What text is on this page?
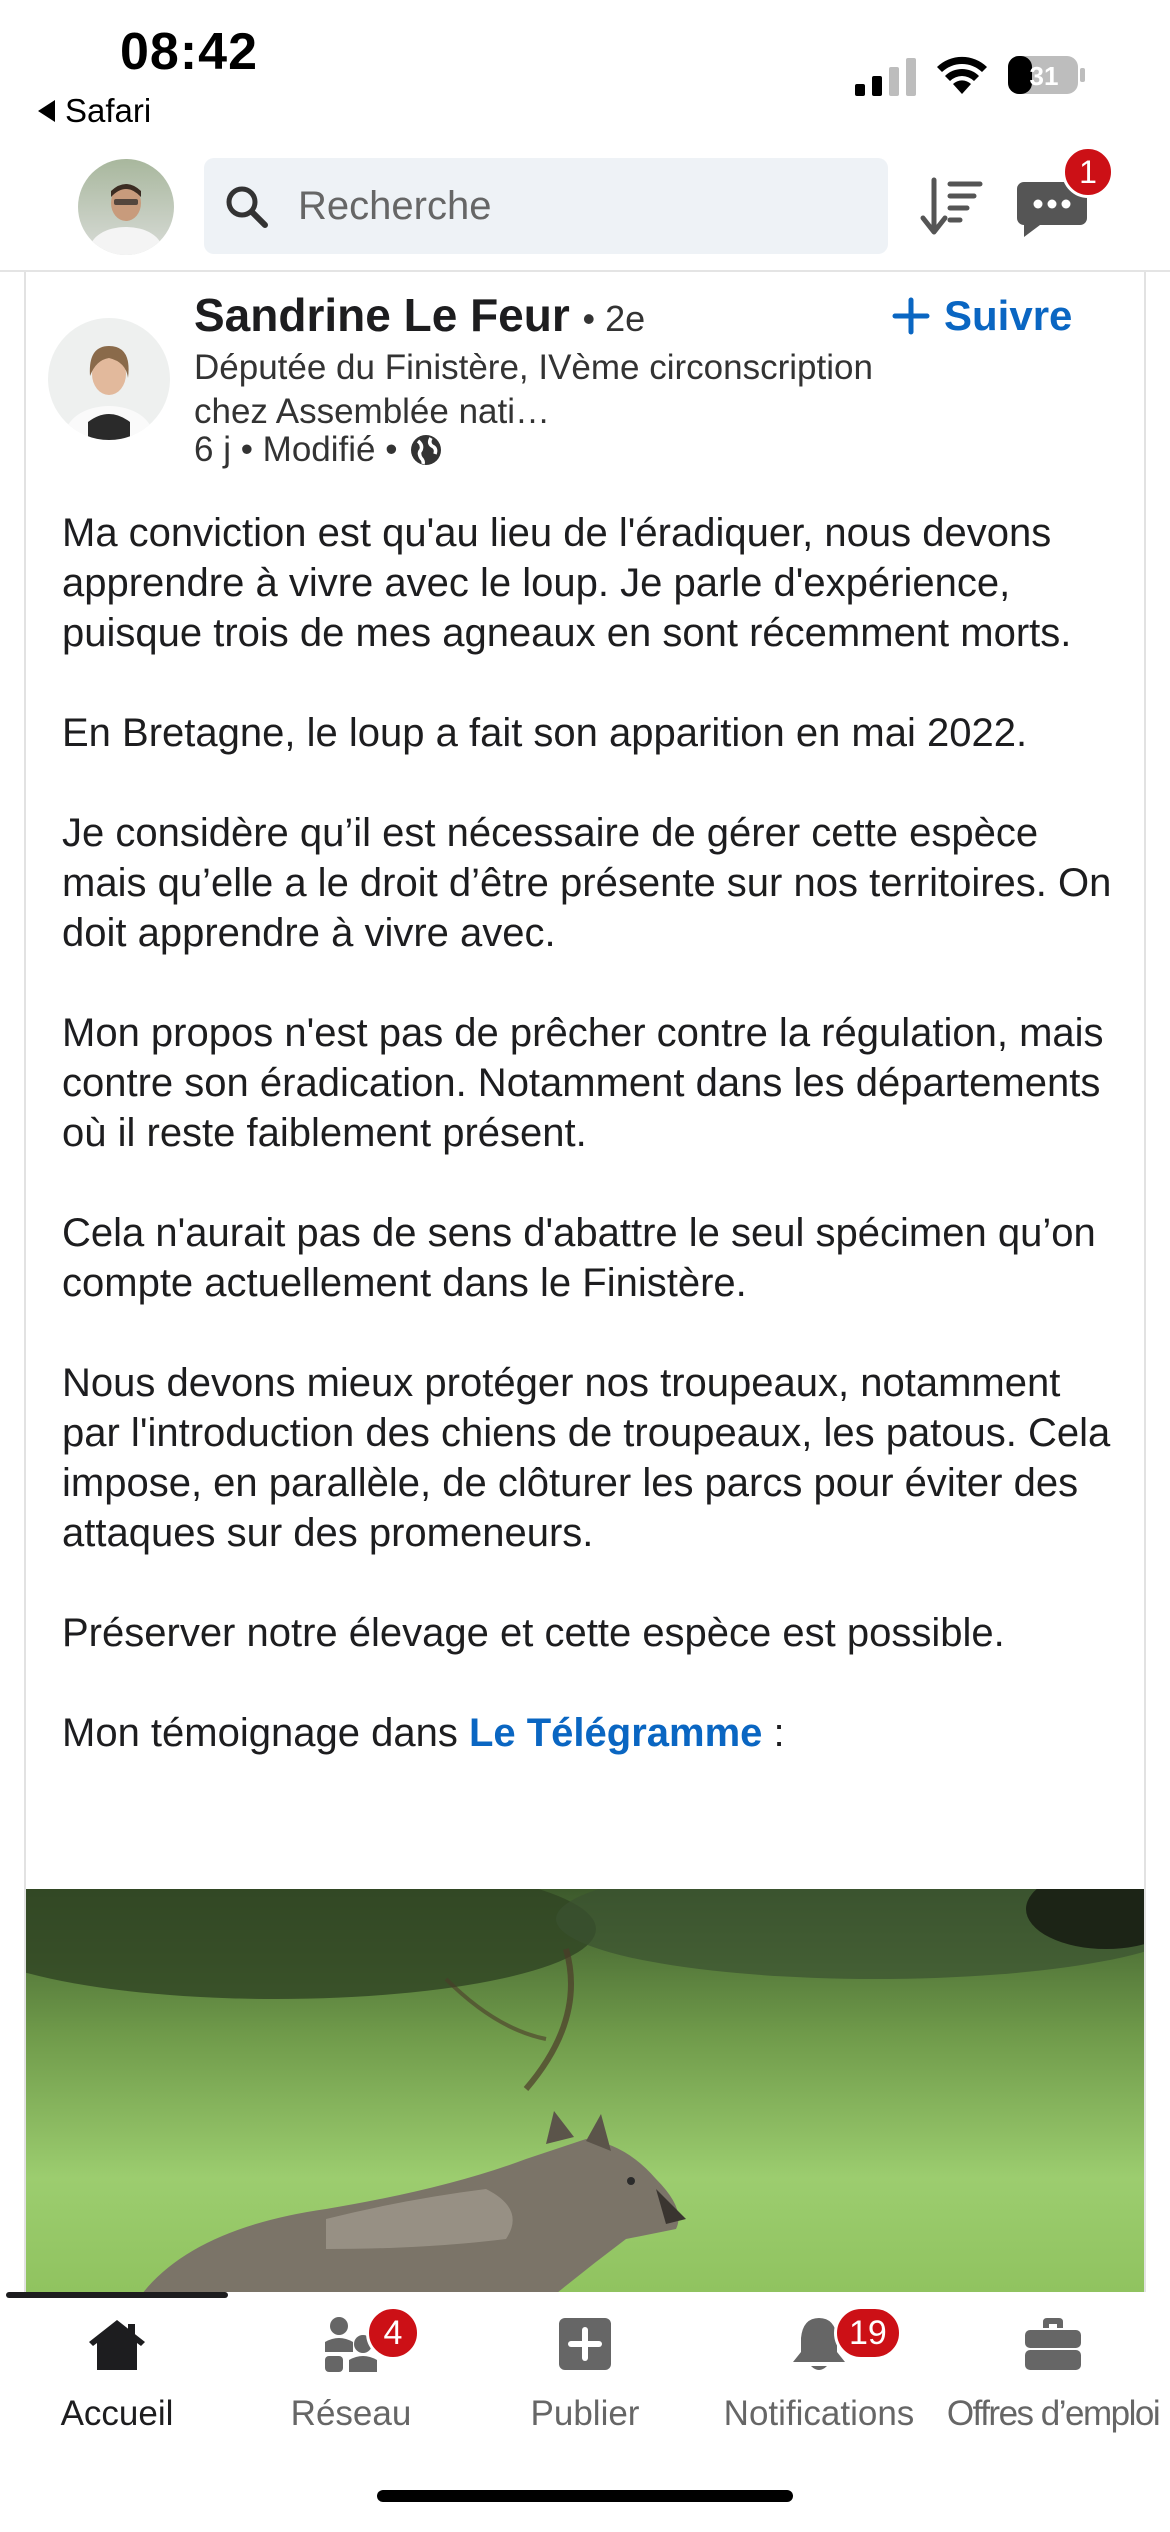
08:42
Safari
31
Recherche
1
Sandrine Le Feur • 2e
Députée du Finistère, IVème circonscription chez Assemblée nati…
6 j • Modifié •
Suivre

Ma conviction est qu'au lieu de l'éradiquer, nous devons apprendre à vivre avec le loup. Je parle d'expérience, puisque trois de mes agneaux en sont récemment morts.

En Bretagne, le loup a fait son apparition en mai 2022.

Je considère qu’il est nécessaire de gérer cette espèce mais qu’elle a le droit d’être présente sur nos territoires. On doit apprendre à vivre avec.

Mon propos n'est pas de prêcher contre la régulation, mais contre son éradication. Notamment dans les départements où il reste faiblement présent.

Cela n'aurait pas de sens d'abattre le seul spécimen qu’on compte actuellement dans le Finistère.

Nous devons mieux protéger nos troupeaux, notamment par l'introduction des chiens de troupeaux, les patous. Cela impose, en parallèle, de clôturer les parcs pour éviter des attaques sur des promeneurs.

Préserver notre élevage et cette espèce est possible.

Mon témoignage dans Le Télégramme :

Accueil	Réseau
4
Publier Notifications
19
Offres d’emploi
